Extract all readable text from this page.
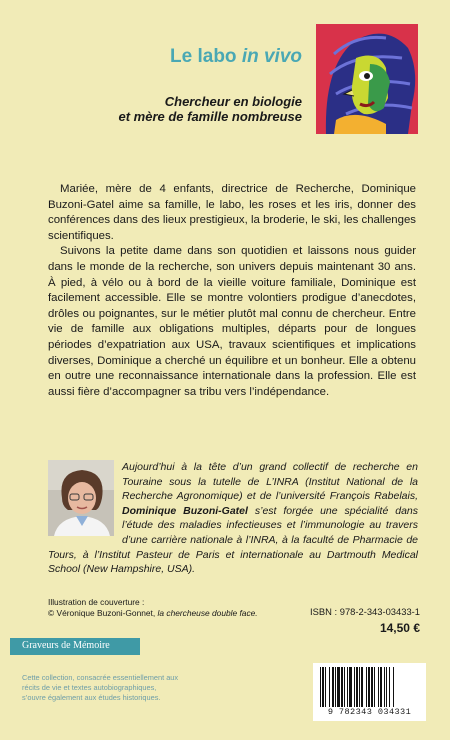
Le labo in vivo
Chercheur en biologie
et mère de famille nombreuse

Mariée, mère de 4 enfants, directrice de Recherche, Dominique Buzoni-Gatel aime sa famille, le labo, les roses et les iris, donner des conférences dans des lieux prestigieux, la broderie, le ski, les challenges scientifiques.

Suivons la petite dame dans son quotidien et laissons nous guider dans le monde de la recherche, son univers depuis maintenant 30 ans. À pied, à vélo ou à bord de la vieille voiture familiale, Dominique est facilement accessible. Elle se montre volontiers prodigue d’anecdotes, drôles ou poignantes, sur le métier plutôt mal connu de chercheur. Entre vie de famille aux obligations multiples, départs pour de longues périodes d’expatriation aux USA, travaux scientifiques et implications diverses, Dominique a cherché un équilibre et un bonheur. Elle a obtenu en outre une reconnaissance internationale dans la profession. Elle est aussi fière d’accompagner sa tribu vers l’indépendance.

Aujourd’hui à la tête d’un grand collectif de recherche en Touraine sous la tutelle de L’INRA (Institut National de la Recherche Agronomique) et de l’université François Rabelais, Dominique Buzoni-Gatel s’est forgée une spécialité dans l’étude des maladies infectieuses et l’immunologie au travers d’une carrière nationale à l’INRA, à la faculté de Pharmacie de Tours, à l’Institut Pasteur de Paris et internationale au Dartmouth Medical School (New Hampshire, USA).
Illustration de couverture :
© Véronique Buzoni-Gonnet, la chercheuse double face.	ISBN : 978-2-343-03433-1
14,50 €
Graveurs de Mémoire
Cette collection, consacrée essentiellement aux récits de vie et textes autobiographiques, s’ouvre également aux études historiques.
9 782343 034331
